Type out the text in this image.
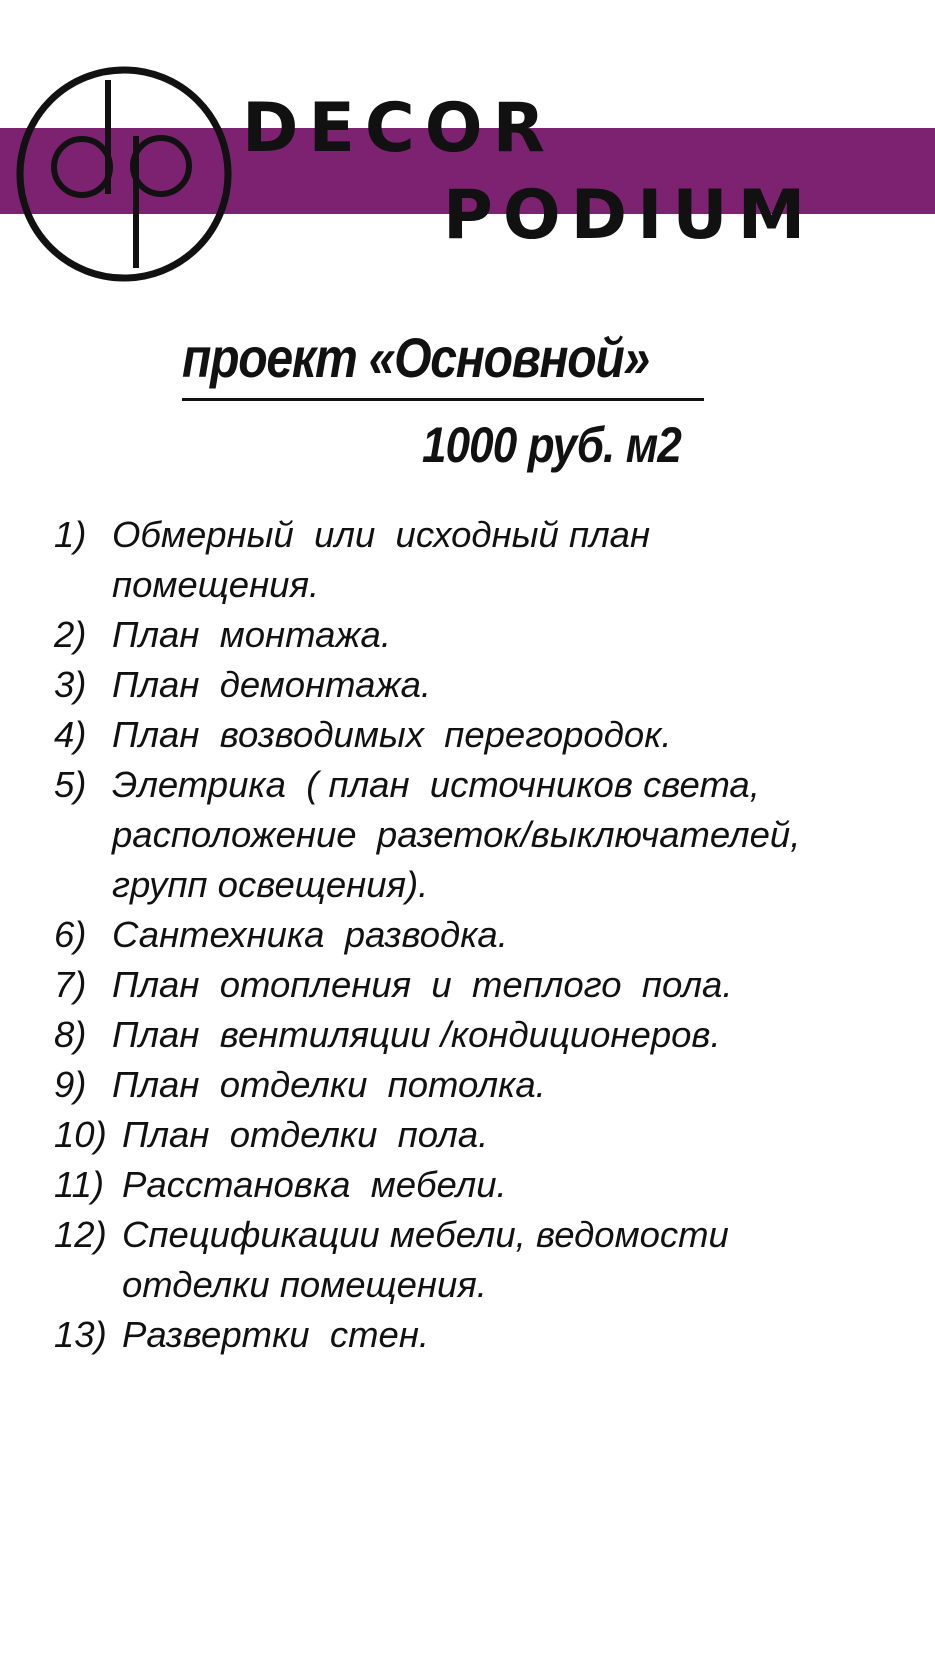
DECOR
PODIUM
проект «Основной»
1000 руб. м2
1) Обмерный  или  исходный план
помещения.
2) План  монтажа.
3) План  демонтажа.
4) План  возводимых  перегородок.
5) Элетрика  ( план  источников света,
расположение  разеток/выключателей,
групп освещения).
6) Сантехника  разводка.
7) План  отопления  и  теплого  пола.
8) План  вентиляции /кондиционеров.
9) План  отделки  потолка.
10) План  отделки  пола.
11) Расстановка  мебели.
12) Спецификации мебели, ведомости
отделки помещения.
13) Развертки  стен.
